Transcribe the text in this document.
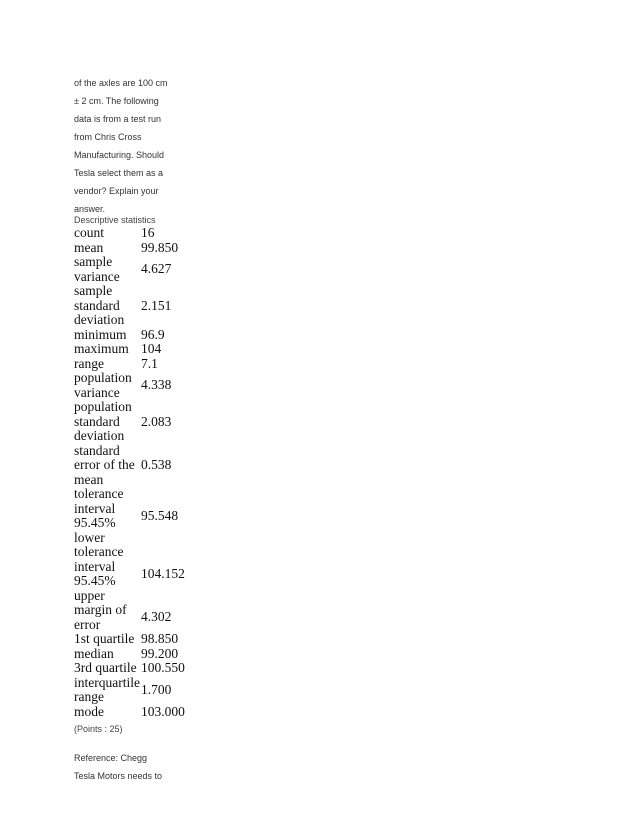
of the axles are 100 cm
± 2 cm. The following
data is from a test run
from Chris Cross
Manufacturing. Should
Tesla select them as a
vendor? Explain your
answer.
Descriptive statistics
count	16

mean	99.850

sample
variance	4.627

sample
standard
deviation	2.151

minimum	96.9

maximum	104

range	7.1

population
variance	4.338

population
standard
deviation	2.083

standard
error of the
mean	0.538

tolerance
interval
95.45%
lower	95.548

tolerance
interval
95.45%
upper	104.152

margin of
error	4.302

1st quartile	98.850

median	99.200

3rd quartile	100.550

interquartile
range	1.700

mode	103.000
(Points : 25)
Reference: Chegg
Tesla Motors needs to
